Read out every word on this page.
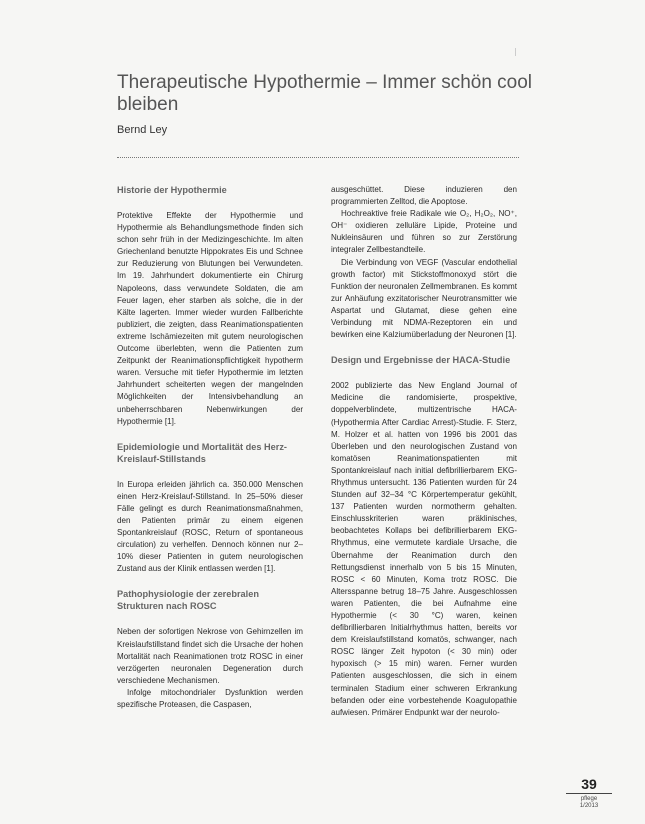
Therapeutische Hypothermie – Immer schön cool bleiben

Bernd Ley

Historie der Hypothermie

Protektive Effekte der Hypothermie und Hypothermie als Behandlungsmethode finden sich schon sehr früh in der Medizingeschichte. Im alten Griechenland benutzte Hippokrates Eis und Schnee zur Reduzierung von Blutungen bei Verwundeten. Im 19. Jahrhundert dokumentierte ein Chirurg Napoleons, dass verwundete Soldaten, die am Feuer lagen, eher starben als solche, die in der Kälte lagerten. Immer wieder wurden Fallberichte publiziert, die zeigten, dass Reanimationspatienten extreme Ischämiezeiten mit gutem neurologischen Outcome überlebten, wenn die Patienten zum Zeitpunkt der Reanimationspflichtigkeit hypotherm waren. Versuche mit tiefer Hypothermie im letzten Jahrhundert scheiterten wegen der mangelnden Möglichkeiten der Intensivbehandlung an unbeherrschbaren Nebenwirkungen der Hypothermie [1].

Epidemiologie und Mortalität des Herz-Kreislauf-Stillstands

In Europa erleiden jährlich ca. 350.000 Menschen einen Herz-Kreislauf-Stillstand. In 25–50% dieser Fälle gelingt es durch Reanimationsmaßnahmen, den Patienten primär zu einem eigenen Spontankreislauf (ROSC, Return of spontaneous circulation) zu verhelfen. Dennoch können nur 2–10% dieser Patienten in gutem neurologischen Zustand aus der Klinik entlassen werden [1].

Pathophysiologie der zerebralen Strukturen nach ROSC

Neben der sofortigen Nekrose von Gehirnzellen im Kreislaufstillstand findet sich die Ursache der hohen Mortalität nach Reanimationen trotz ROSC in einer verzögerten neuronalen Degeneration durch verschiedene Mechanismen.

Infolge mitochondrialer Dysfunktion werden spezifische Proteasen, die Caspasen,

ausgeschüttet. Diese induzieren den programmierten Zelltod, die Apoptose.

Hochreaktive freie Radikale wie O₂, H₂O₂, NO⁺, OH⁻ oxidieren zelluläre Lipide, Proteine und Nukleinsäuren und führen so zur Zerstörung integraler Zellbestandteile.

Die Verbindung von VEGF (Vascular endothelial growth factor) mit Stickstoffmonoxyd stört die Funktion der neuronalen Zellmembranen. Es kommt zur Anhäufung exzitatorischer Neurotransmitter wie Aspartat und Glutamat, diese gehen eine Verbindung mit NDMA-Rezeptoren ein und bewirken eine Kalziumüberladung der Neuronen [1].

Design und Ergebnisse der HACA-Studie

2002 publizierte das New England Journal of Medicine die randomisierte, prospektive, doppelverblindete, multizentrische HACA-(Hypothermia After Cardiac Arrest)-Studie. F. Sterz, M. Holzer et al. hatten von 1996 bis 2001 das Überleben und den neurologischen Zustand von komatösen Reanimationspatienten mit Spontankreislauf nach initial defibrillierbarem EKG-Rhythmus untersucht. 136 Patienten wurden für 24 Stunden auf 32–34 °C Körpertemperatur gekühlt, 137 Patienten wurden normotherm gehalten. Einschlusskriterien waren präklinisches, beobachtetes Kollaps bei defibrillierbarem EKG-Rhythmus, eine vermutete kardiale Ursache, die Übernahme der Reanimation durch den Rettungsdienst innerhalb von 5 bis 15 Minuten, ROSC < 60 Minuten, Koma trotz ROSC. Die Altersspanne betrug 18–75 Jahre. Ausgeschlossen waren Patienten, die bei Aufnahme eine Hypothermie (< 30 °C) waren, keinen defibrillierbaren Initialrhythmus hatten, bereits vor dem Kreislaufstillstand komatös, schwanger, nach ROSC länger Zeit hypoton (< 30 min) oder hypoxisch (> 15 min) waren. Ferner wurden Patienten ausgeschlossen, die sich in einem terminalen Stadium einer schweren Erkrankung befanden oder eine vorbestehende Koagulopathie aufwiesen. Primärer Endpunkt war der neurolo-

39
pflege
1/2013
